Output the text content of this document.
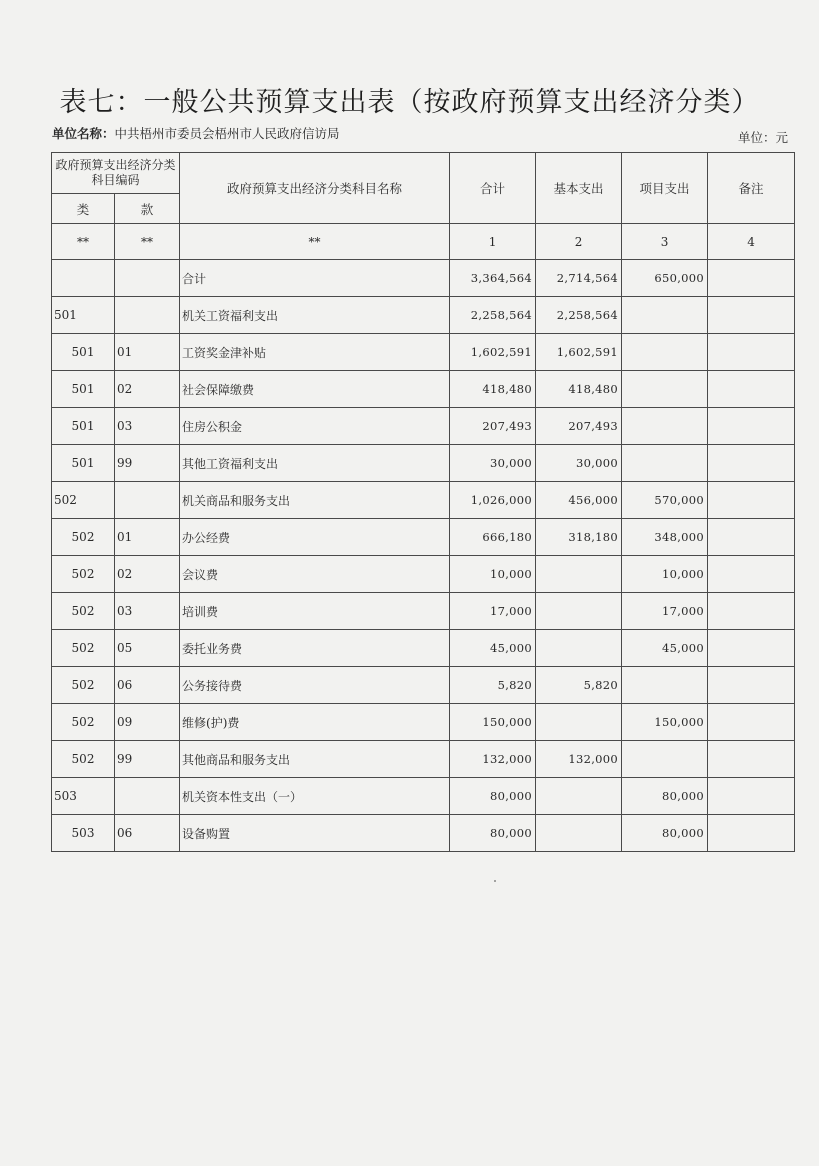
表七：一般公共预算支出表（按政府预算支出经济分类）
单位名称：中共梧州市委员会梧州市人民政府信访局	单位：元
政府预算支出经济分类科目编码		政府预算支出经济分类科目名称	合计	基本支出	项目支出	备注
类	款					
**	**	**	1	2	3	4
		合计	3,364,564	2,714,564	650,000	
501		机关工资福利支出	2,258,564	2,258,564		
501	01	工资奖金津补贴	1,602,591	1,602,591		
501	02	社会保障缴费	418,480	418,480		
501	03	住房公积金	207,493	207,493		
501	99	其他工资福利支出	30,000	30,000		
502		机关商品和服务支出	1,026,000	456,000	570,000	
502	01	办公经费	666,180	318,180	348,000	
502	02	会议费	10,000		10,000	
502	03	培训费	17,000		17,000	
502	05	委托业务费	45,000		45,000	
502	06	公务接待费	5,820	5,820		
502	09	维修(护)费	150,000		150,000	
502	99	其他商品和服务支出	132,000	132,000		
503		机关资本性支出（一）	80,000		80,000	
503	06	设备购置	80,000		80,000	
